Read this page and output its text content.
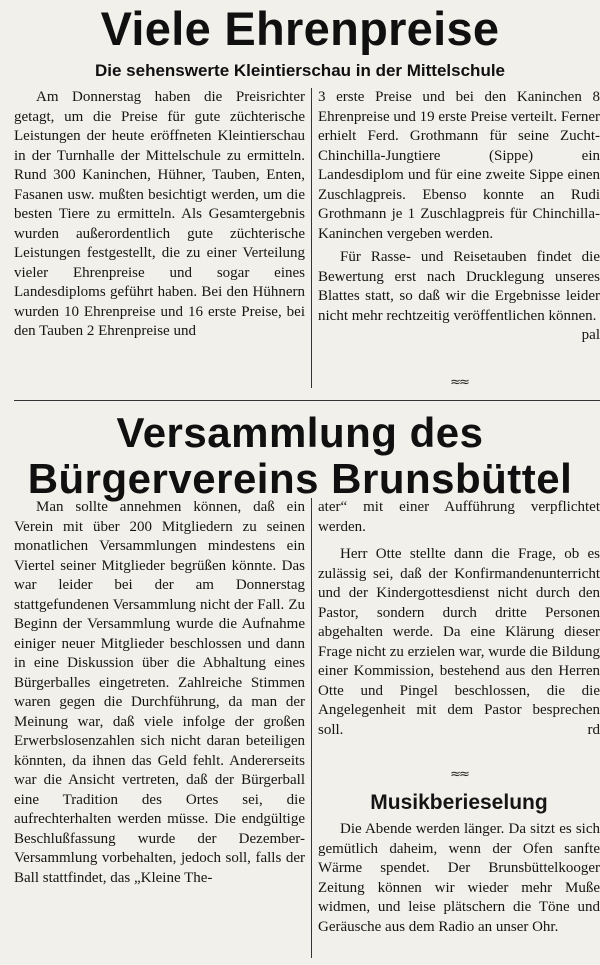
Viele Ehrenpreise
Die sehenswerte Kleintierschau in der Mittelschule

Am Donnerstag haben die Preisrichter getagt, um die Preise für gute züchterische Leistungen der heute eröffneten Kleintierschau in der Turnhalle der Mittelschule zu ermitteln. Rund 300 Kaninchen, Hühner, Tauben, Enten, Fasanen usw. mußten besichtigt werden, um die besten Tiere zu ermitteln. Als Gesamtergebnis wurden außerordentlich gute züchterische Leistungen festgestellt, die zu einer Verteilung vieler Ehrenpreise und sogar eines Landesdiploms geführt haben. Bei den Hühnern wurden 10 Ehrenpreise und 16 erste Preise, bei den Tauben 2 Ehrenpreise und

3 erste Preise und bei den Kaninchen 8 Ehrenpreise und 19 erste Preise verteilt. Ferner erhielt Ferd. Grothmann für seine Zucht-Chinchilla-Jungtiere (Sippe) ein Landesdiplom und für eine zweite Sippe einen Zuschlagpreis. Ebenso konnte an Rudi Grothmann je 1 Zuschlagpreis für Chinchilla-Kaninchen vergeben werden.

Für Rasse- und Reisetauben findet die Bewertung erst nach Drucklegung unseres Blattes statt, so daß wir die Ergebnisse leider nicht mehr rechtzeitig veröffentlichen können.
pal

≈≈
Versammlung des
Bürgervereins Brunsbüttel

Man sollte annehmen können, daß ein Verein mit über 200 Mitgliedern zu seinen monatlichen Versammlungen mindestens ein Viertel seiner Mitglieder begrüßen könnte. Das war leider bei der am Donnerstag stattgefundenen Versammlung nicht der Fall. Zu Beginn der Versammlung wurde die Aufnahme einiger neuer Mitglieder beschlossen und dann in eine Diskussion über die Abhaltung eines Bürgerballes eingetreten. Zahlreiche Stimmen waren gegen die Durchführung, da man der Meinung war, daß viele infolge der großen Erwerbslosenzahlen sich nicht daran beteiligen könnten, da ihnen das Geld fehlt. Andererseits war die Ansicht vertreten, daß der Bürgerball eine Tradition des Ortes sei, die aufrechterhalten werden müsse. Die endgültige Beschlußfassung wurde der Dezember-Versammlung vorbehalten, jedoch soll, falls der Ball stattfindet, das „Kleine The-

ater“ mit einer Aufführung verpflichtet werden.

Herr Otte stellte dann die Frage, ob es zulässig sei, daß der Konfirmandenunterricht und der Kindergottesdienst nicht durch den Pastor, sondern durch dritte Personen abgehalten werde. Da eine Klärung dieser Frage nicht zu erzielen war, wurde die Bildung einer Kommission, bestehend aus den Herren Otte und Pingel beschlossen, die die Angelegenheit mit dem Pastor besprechen soll.	rd

≈≈
Musikberieselung

Die Abende werden länger. Da sitzt es sich gemütlich daheim, wenn der Ofen sanfte Wärme spendet. Der Brunsbüttelkooger Zeitung können wir wieder mehr Muße widmen, und leise plätschern die Töne und Geräusche aus dem Radio an unser Ohr.
